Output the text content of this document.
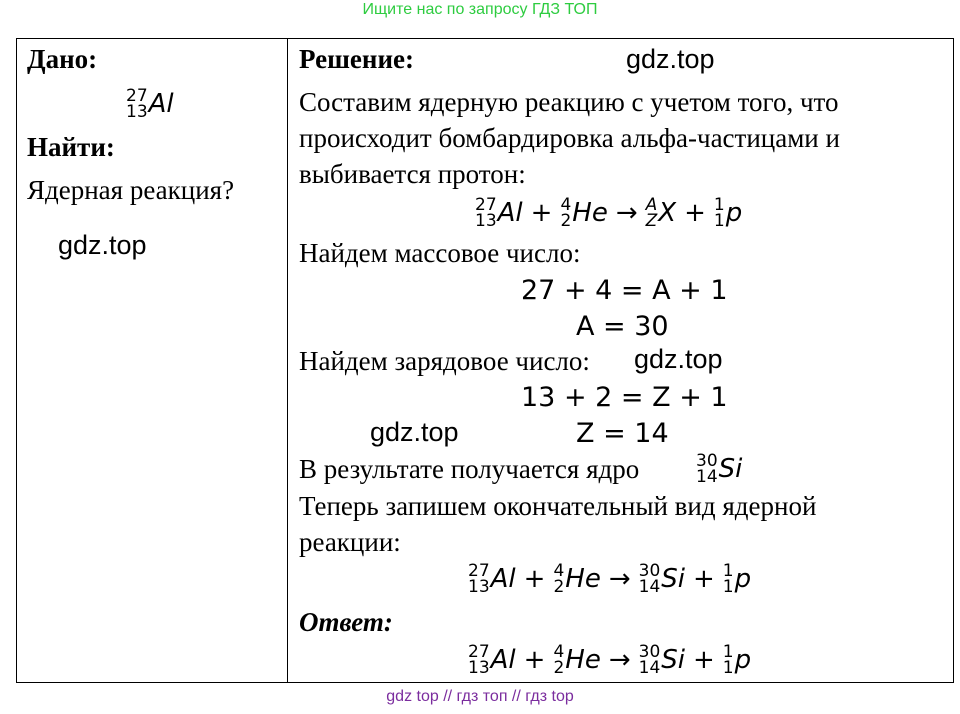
Ищите нас по запросу ГДЗ ТОП
Дано:
27
13 Al
Найти:
Ядерная реакция?
gdz.top
Решение:	gdz.top
Составим ядерную реакцию с учетом того, что
происходит бомбардировка альфа-частицами и
выбивается протон:
27
13 Al + 4
2 He → A
Z X + 1
1 p
Найдем массовое число:
27 + 4 = A + 1
A = 30
Найдем зарядовое число: gdz.top
13 + 2 = Z + 1
gdz.top	Z = 14
В результате получается ядро	30
14 Si
Теперь запишем окончательный вид ядерной
реакции:
27
13 Al + 4
2 He → 30
14 Si + 1
1 p
Ответ:
27
13 Al + 4
2 He → 30
14 Si + 1
1 p
gdz top // гдз топ // гдз top
